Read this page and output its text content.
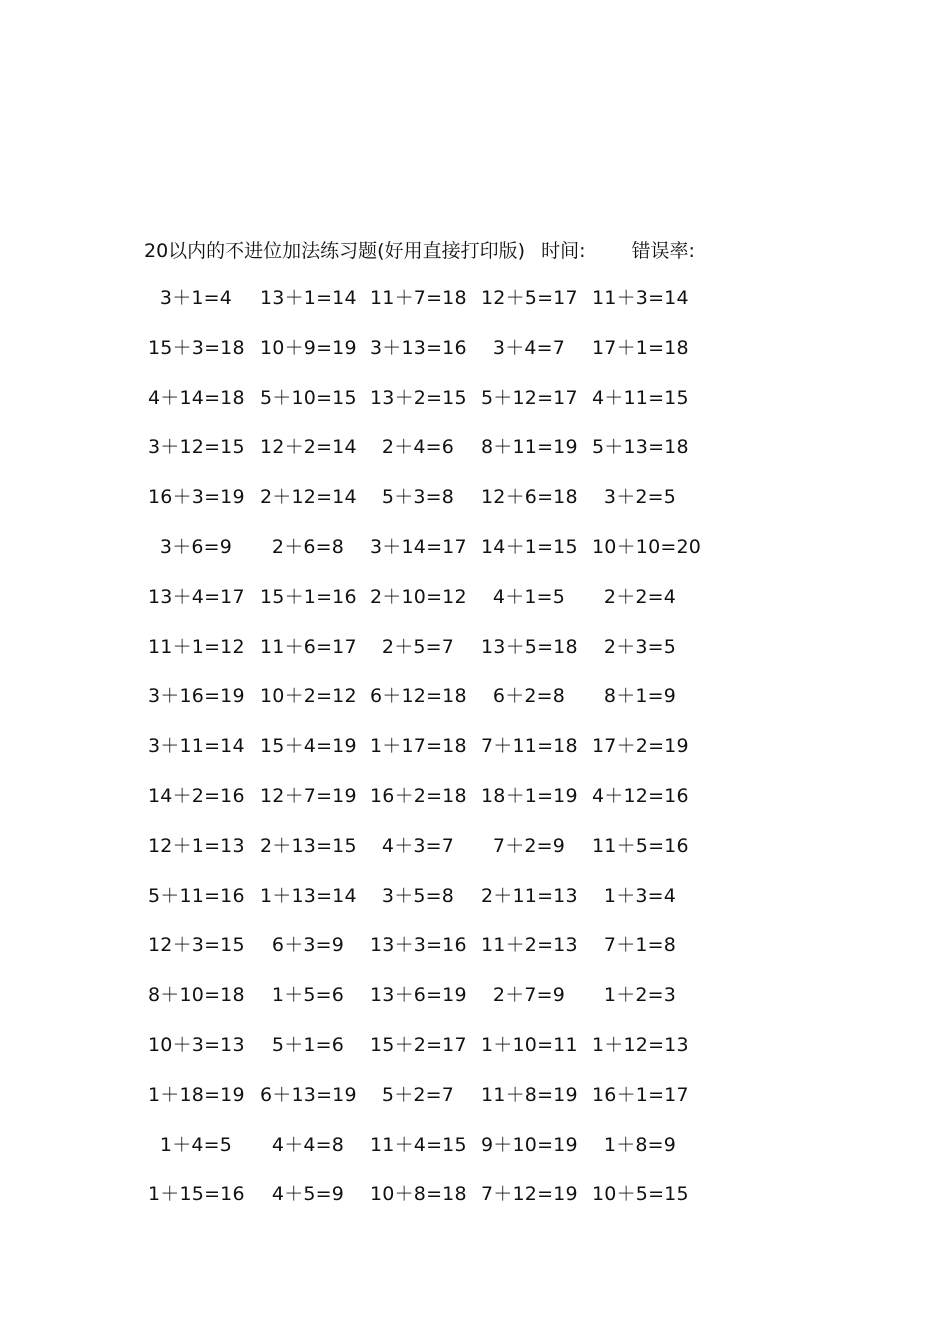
20以内的不进位加法练习题(好用直接打印版) 时间: 错误率:
3＋1=4 13＋1=14 11＋7=18 12＋5=17 11＋3=14
15＋3=18 10＋9=19 3＋13=16 3＋4=7 17＋1=18
4＋14=18 5＋10=15 13＋2=15 5＋12=17 4＋11=15
3＋12=15 12＋2=14 2＋4=6 8＋11=19 5＋13=18
16＋3=19 2＋12=14 5＋3=8 12＋6=18 3＋2=5
3＋6=9 2＋6=8 3＋14=17 14＋1=15 10＋10=20
13＋4=17 15＋1=16 2＋10=12 4＋1=5 2＋2=4
11＋1=12 11＋6=17 2＋5=7 13＋5=18 2＋3=5
3＋16=19 10＋2=12 6＋12=18 6＋2=8 8＋1=9
3＋11=14 15＋4=19 1＋17=18 7＋11=18 17＋2=19
14＋2=16 12＋7=19 16＋2=18 18＋1=19 4＋12=16
12＋1=13 2＋13=15 4＋3=7 7＋2=9 11＋5=16
5＋11=16 1＋13=14 3＋5=8 2＋11=13 1＋3=4
12＋3=15 6＋3=9 13＋3=16 11＋2=13 7＋1=8
8＋10=18 1＋5=6 13＋6=19 2＋7=9 1＋2=3
10＋3=13 5＋1=6 15＋2=17 1＋10=11 1＋12=13
1＋18=19 6＋13=19 5＋2=7 11＋8=19 16＋1=17
1＋4=5 4＋4=8 11＋4=15 9＋10=19 1＋8=9
1＋15=16 4＋5=9 10＋8=18 7＋12=19 10＋5=15
